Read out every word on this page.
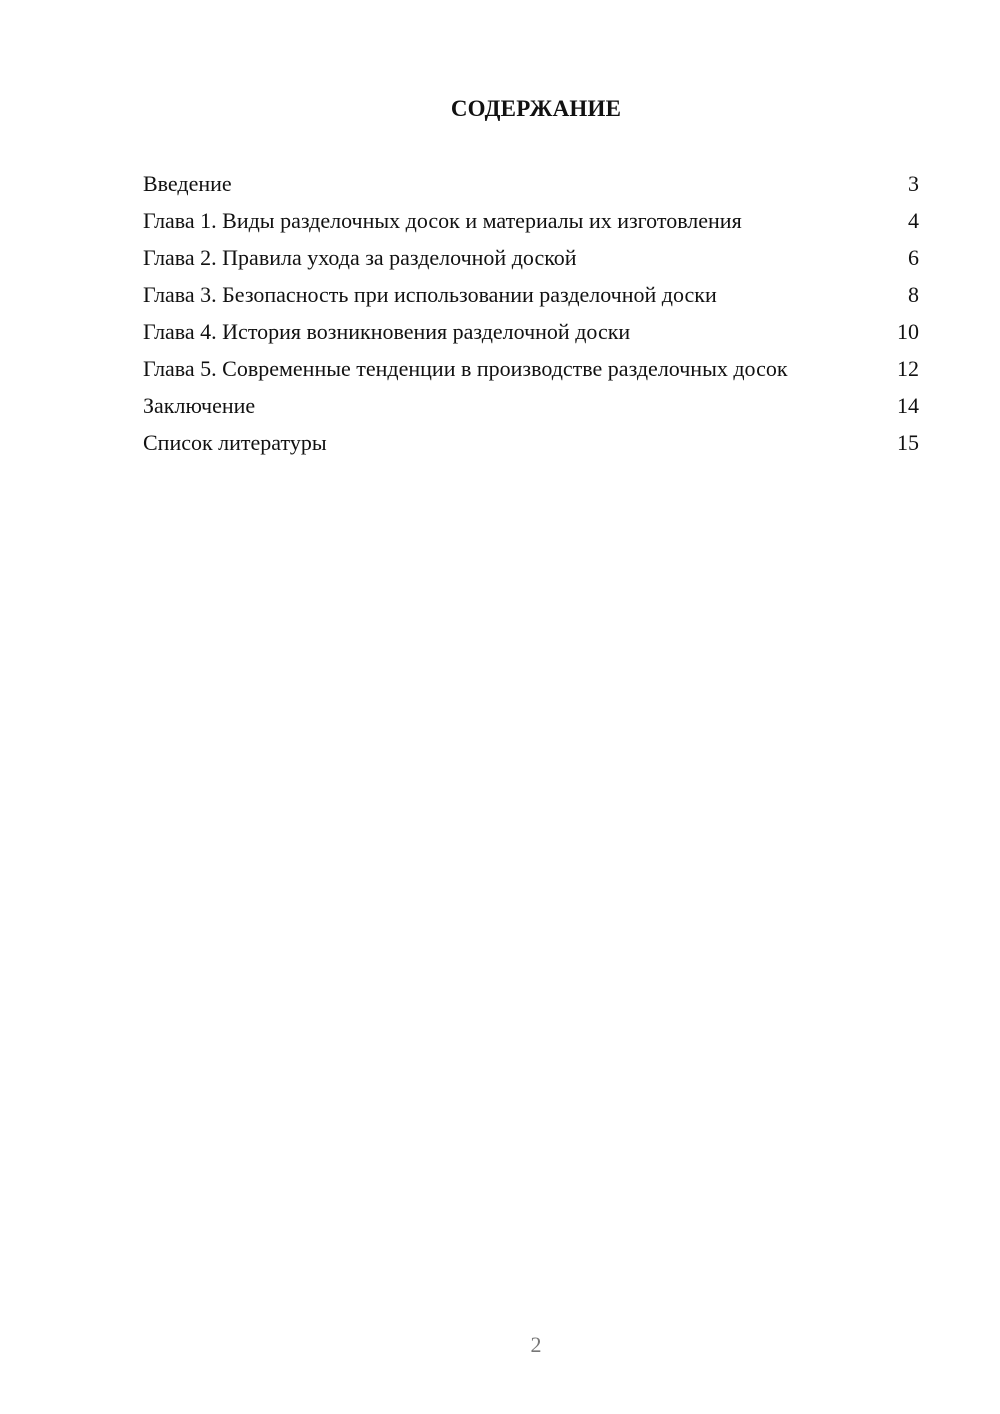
СОДЕРЖАНИЕ
Введение	3
Глава 1. Виды разделочных досок и материалы их изготовления	4
Глава 2. Правила ухода за разделочной доской	6
Глава 3. Безопасность при использовании разделочной доски	8
Глава 4. История возникновения разделочной доски	10
Глава 5. Современные тенденции в производстве разделочных досок	12
Заключение	14
Список литературы	15
2
